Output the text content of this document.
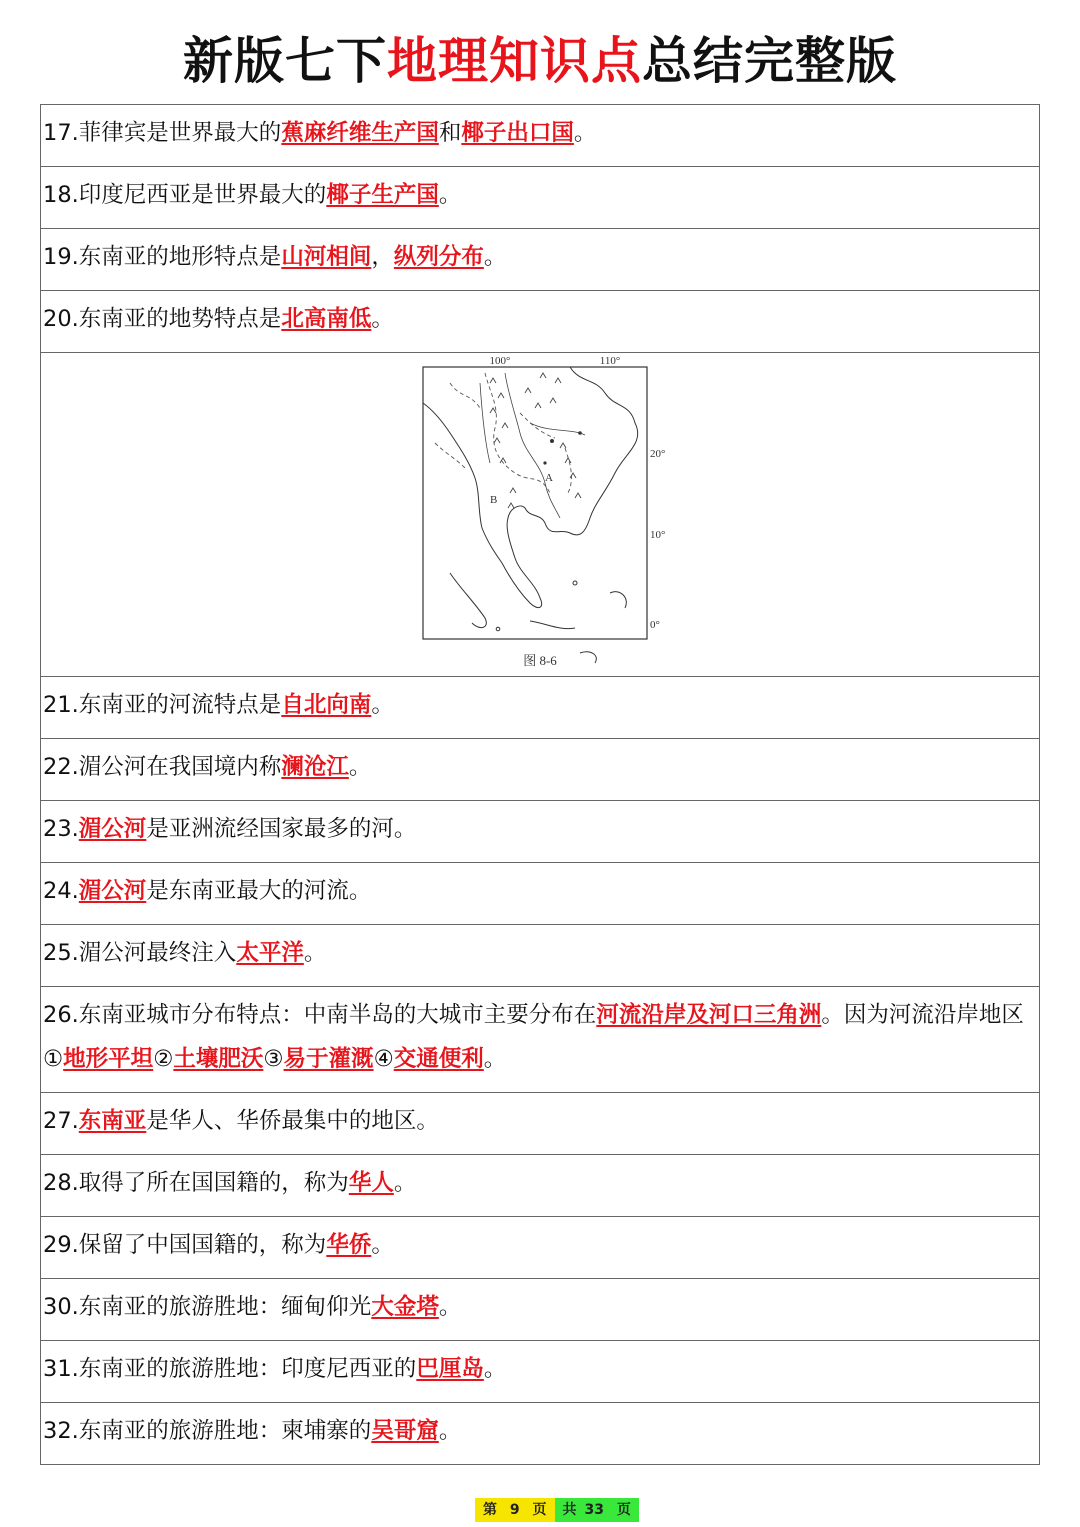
新版七下地理知识点总结完整版
17.菲律宾是世界最大的蕉麻纤维生产国和椰子出口国。
18.印度尼西亚是世界最大的椰子生产国。
19.东南亚的地形特点是山河相间，纵列分布。
20.东南亚的地势特点是北高南低。

100°	110°
20°
10°
0°
A
B
图 8-6

21.东南亚的河流特点是自北向南。
22.湄公河在我国境内称澜沧江。
23.湄公河是亚洲流经国家最多的河。
24.湄公河是东南亚最大的河流。
25.湄公河最终注入太平洋。
26.东南亚城市分布特点：中南半岛的大城市主要分布在河流沿岸及河口三角洲。因为河流沿岸地区①地形平坦②土壤肥沃③易于灌溉④交通便利。
27.东南亚是华人、华侨最集中的地区。
28.取得了所在国国籍的，称为华人。
29.保留了中国国籍的，称为华侨。
30.东南亚的旅游胜地：缅甸仰光大金塔。
31.东南亚的旅游胜地：印度尼西亚的巴厘岛。
32.东南亚的旅游胜地：柬埔寨的吴哥窟。
第 9 页	共 33 页
